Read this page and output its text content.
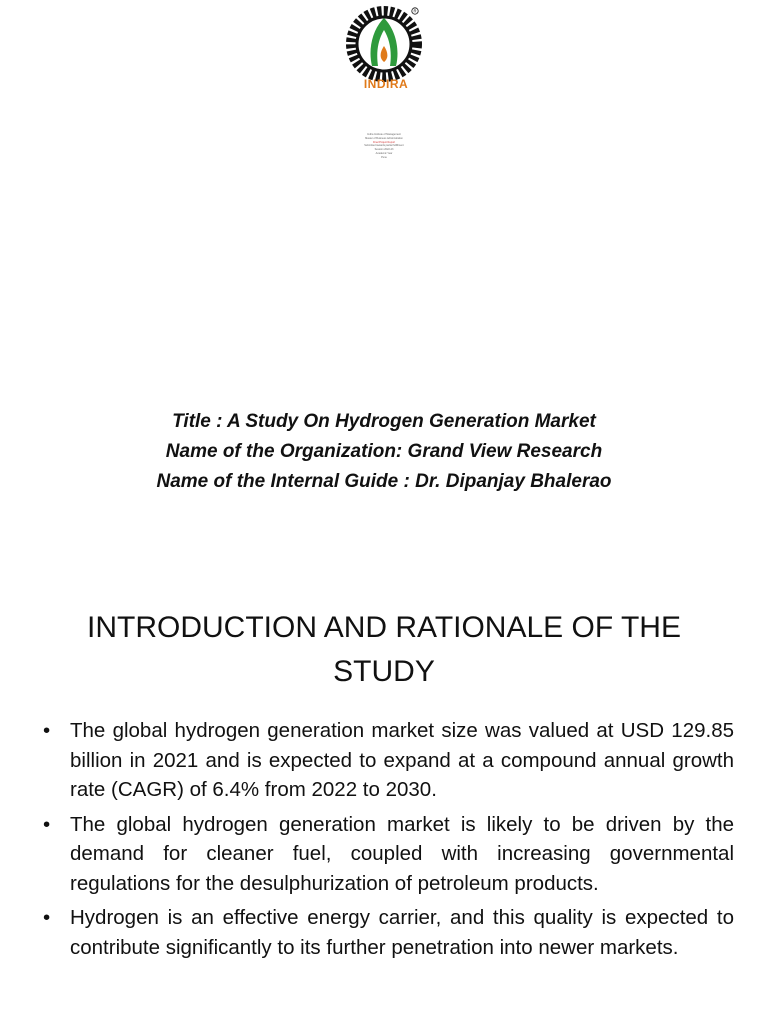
R
INDIRA
Indira Institute of Management
Master of Business Administration
Final Project Report
Submitted towards partial fulfillment
Session 2022-23
Academic Year
Pune
Title : A Study On Hydrogen Generation Market
Name of the Organization: Grand View Research
Name of the Internal Guide : Dr. Dipanjay Bhalerao
INTRODUCTION AND RATIONALE OF THE
STUDY
• The global hydrogen generation market size was valued at USD 129.85 billion in 2021 and is expected to expand at a compound annual growth rate (CAGR) of 6.4% from 2022 to 2030.
• The global hydrogen generation market is likely to be driven by the demand for cleaner fuel, coupled with increasing governmental regulations for the desulphurization of petroleum products.
• Hydrogen is an effective energy carrier, and this quality is expected to contribute significantly to its further penetration into newer markets.
